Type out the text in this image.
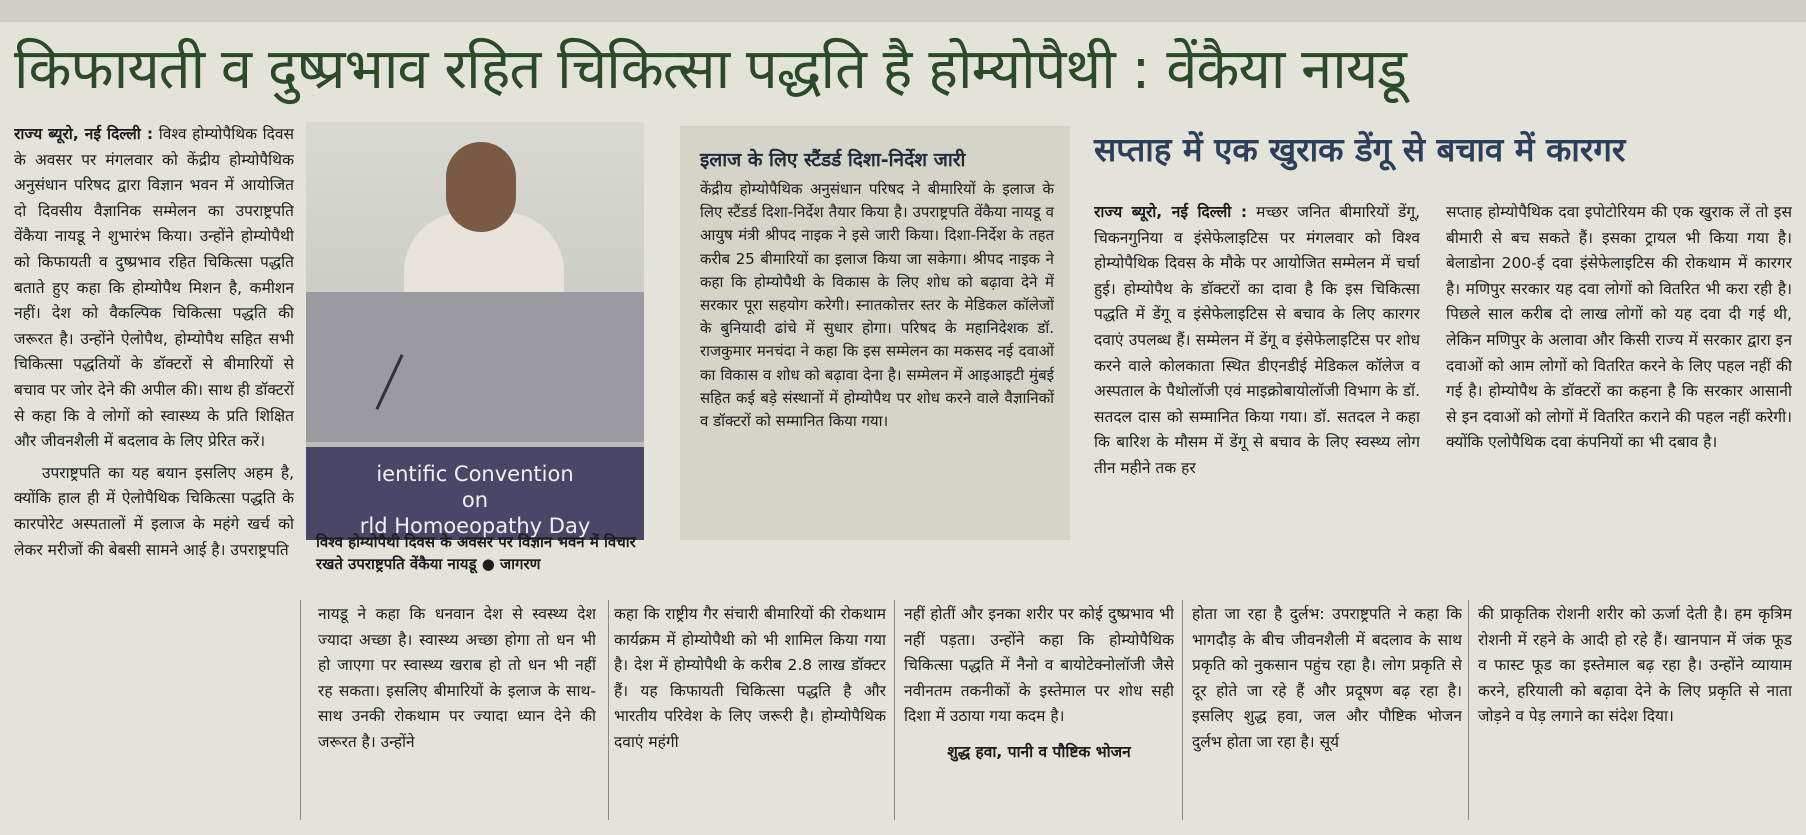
किफायती व दुष्प्रभाव रहित चिकित्सा पद्धति है होम्योपैथी : वेंकैया नायडू

राज्य ब्यूरो, नई दिल्ली : विश्व होम्योपैथिक दिवस के अवसर पर मंगलवार को केंद्रीय होम्योपैथिक अनुसंधान परिषद द्वारा विज्ञान भवन में आयोजित दो दिवसीय वैज्ञानिक सम्मेलन का उपराष्ट्रपति वेंकैया नायडू ने शुभारंभ किया। उन्होंने होम्योपैथी को किफायती व दुष्प्रभाव रहित चिकित्सा पद्धति बताते हुए कहा कि होम्योपैथ मिशन है, कमीशन नहीं। देश को वैकल्पिक चिकित्सा पद्धति की जरूरत है। उन्होंने ऐलोपैथ, होम्योपैथ सहित सभी चिकित्सा पद्धतियों के डॉक्टरों से बीमारियों से बचाव पर जोर देने की अपील की। साथ ही डॉक्टरों से कहा कि वे लोगों को स्वास्थ्य के प्रति शिक्षित और जीवनशैली में बदलाव के लिए प्रेरित करें।

उपराष्ट्रपति का यह बयान इसलिए अहम है, क्योंकि हाल ही में ऐलोपैथिक चिकित्सा पद्धति के कारपोरेट अस्पतालों में इलाज के महंगे खर्च को लेकर मरीजों की बेबसी सामने आई है। उपराष्ट्रपति

ientific Convention
on
rld Homoeopathy Day
विश्व होम्योपैथी दिवस के अवसर पर विज्ञान भवन में विचार रखते उपराष्ट्रपति वेंकैया नायडू ● जागरण
इलाज के लिए स्टैंडर्ड दिशा-निर्देश जारी

केंद्रीय होम्योपैथिक अनुसंधान परिषद ने बीमारियों के इलाज के लिए स्टैंडर्ड दिशा-निर्देश तैयार किया है। उपराष्ट्रपति वेंकैया नायडू व आयुष मंत्री श्रीपद नाइक ने इसे जारी किया। दिशा-निर्देश के तहत करीब 25 बीमारियों का इलाज किया जा सकेगा। श्रीपद नाइक ने कहा कि होम्योपैथी के विकास के लिए शोध को बढ़ावा देने में सरकार पूरा सहयोग करेगी। स्नातकोत्तर स्तर के मेडिकल कॉलेजों के बुनियादी ढांचे में सुधार होगा। परिषद के महानिदेशक डॉ. राजकुमार मनचंदा ने कहा कि इस सम्मेलन का मकसद नई दवाओं का विकास व शोध को बढ़ावा देना है। सम्मेलन में आइआइटी मुंबई सहित कई बड़े संस्थानों में होम्योपैथ पर शोध करने वाले वैज्ञानिकों व डॉक्टरों को सम्मानित किया गया।

सप्ताह में एक खुराक डेंगू से बचाव में कारगर

राज्य ब्यूरो, नई दिल्ली : मच्छर जनित बीमारियों डेंगू, चिकनगुनिया व इंसेफेलाइटिस पर मंगलवार को विश्व होम्योपैथिक दिवस के मौके पर आयोजित सम्मेलन में चर्चा हुई। होम्योपैथ के डॉक्टरों का दावा है कि इस चिकित्सा पद्धति में डेंगू व इंसेफेलाइटिस से बचाव के लिए कारगर दवाएं उपलब्ध हैं। सम्मेलन में डेंगू व इंसेफेलाइटिस पर शोध करने वाले कोलकाता स्थित डीएनडीई मेडिकल कॉलेज व अस्पताल के पैथोलॉजी एवं माइक्रोबायोलॉजी विभाग के डॉ. सतदल दास को सम्मानित किया गया। डॉ. सतदल ने कहा कि बारिश के मौसम में डेंगू से बचाव के लिए स्वस्थ्य लोग तीन महीने तक हर

सप्ताह होम्योपैथिक दवा इपोटोरियम की एक खुराक लें तो इस बीमारी से बच सकते हैं। इसका ट्रायल भी किया गया है। बेलाडोना 200-ई दवा इंसेफेलाइटिस की रोकथाम में कारगर है। मणिपुर सरकार यह दवा लोगों को वितरित भी करा रही है। पिछले साल करीब दो लाख लोगों को यह दवा दी गई थी, लेकिन मणिपुर के अलावा और किसी राज्य में सरकार द्वारा इन दवाओं को आम लोगों को वितरित करने के लिए पहल नहीं की गई है। होम्योपैथ के डॉक्टरों का कहना है कि सरकार आसानी से इन दवाओं को लोगों में वितरित कराने की पहल नहीं करेगी। क्योंकि एलोपैथिक दवा कंपनियों का भी दबाव है।

नायडू ने कहा कि धनवान देश से स्वस्थ्य देश ज्यादा अच्छा है। स्वास्थ्य अच्छा होगा तो धन भी हो जाएगा पर स्वास्थ्य खराब हो तो धन भी नहीं रह सकता। इसलिए बीमारियों के इलाज के साथ-साथ उनकी रोकथाम पर ज्यादा ध्यान देने की जरूरत है। उन्होंने

कहा कि राष्ट्रीय गैर संचारी बीमारियों की रोकथाम कार्यक्रम में होम्योपैथी को भी शामिल किया गया है। देश में होम्योपैथी के करीब 2.8 लाख डॉक्टर हैं। यह किफायती चिकित्सा पद्धति है और भारतीय परिवेश के लिए जरूरी है। होम्योपैथिक दवाएं महंगी

नहीं होतीं और इनका शरीर पर कोई दुष्प्रभाव भी नहीं पड़ता। उन्होंने कहा कि होम्योपैथिक चिकित्सा पद्धति में नैनो व बायोटेक्नोलॉजी जैसे नवीनतम तकनीकों के इस्तेमाल पर शोध सही दिशा में उठाया गया कदम है।

शुद्ध हवा, पानी व पौष्टिक भोजन

होता जा रहा है दुर्लभ: उपराष्ट्रपति ने कहा कि भागदौड़ के बीच जीवनशैली में बदलाव के साथ प्रकृति को नुकसान पहुंच रहा है। लोग प्रकृति से दूर होते जा रहे हैं और प्रदूषण बढ़ रहा है। इसलिए शुद्ध हवा, जल और पौष्टिक भोजन दुर्लभ होता जा रहा है। सूर्य

की प्राकृतिक रोशनी शरीर को ऊर्जा देती है। हम कृत्रिम रोशनी में रहने के आदी हो रहे हैं। खानपान में जंक फूड व फास्ट फूड का इस्तेमाल बढ़ रहा है। उन्होंने व्यायाम करने, हरियाली को बढ़ावा देने के लिए प्रकृति से नाता जोड़ने व पेड़ लगाने का संदेश दिया।
